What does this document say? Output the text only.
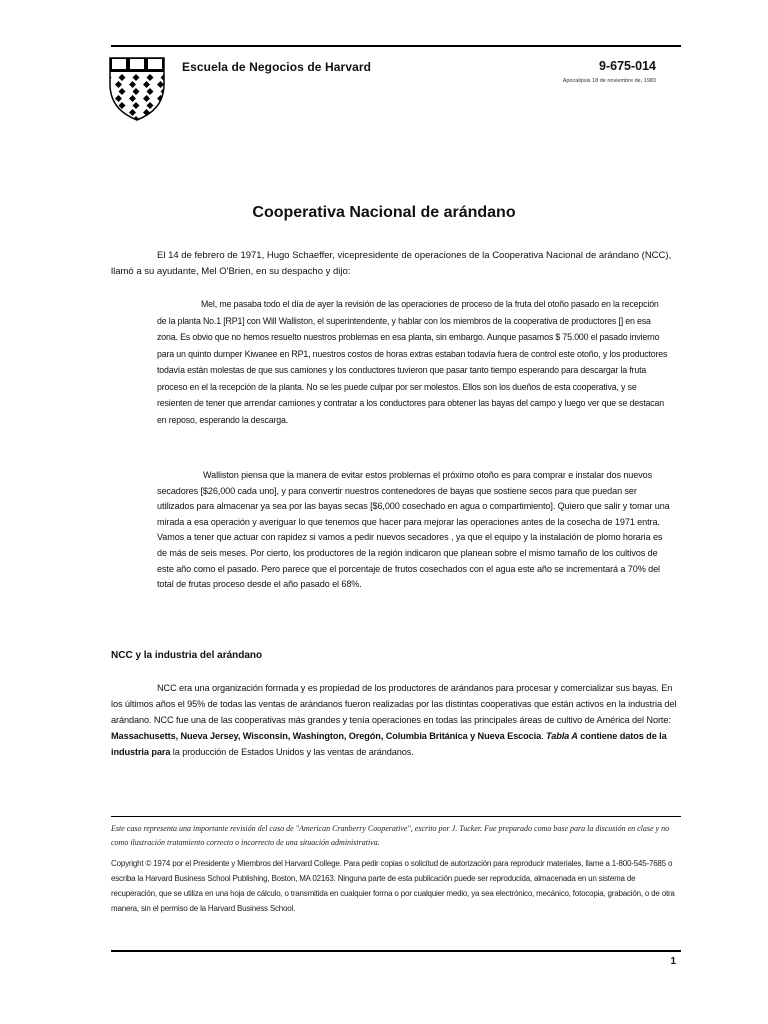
Escuela de Negocios de Harvard	9-675-014
Apocalipsis 18 de noviembre de, 1983
Cooperativa Nacional de arándano
El 14 de febrero de 1971, Hugo Schaeffer, vicepresidente de operaciones de la Cooperativa Nacional de arándano (NCC), llamó a su ayudante, Mel O'Brien, en su despacho y dijo:
Mel, me pasaba todo el día de ayer la revisión de las operaciones de proceso de la fruta del otoño pasado en la recepción de la planta No.1 [RP1] con Will Walliston, el superintendente, y hablar con los miembros de la cooperativa de productores [] en esa zona. Es obvio que no hemos resuelto nuestros problemas en esa planta, sin embargo. Aunque pasamos $ 75.000 el pasado invierno para un quinto dumper Kiwanee en RP1, nuestros costos de horas extras estaban todavía fuera de control este otoño, y los productores todavía están molestas de que sus camiones y los conductores tuvieron que pasar tanto tiempo esperando para descargar la fruta proceso en el la recepción de la planta. No se les puede culpar por ser molestos. Ellos son los dueños de esta cooperativa, y se resienten de tener que arrendar camiones y contratar a los conductores para obtener las bayas del campo y luego ver que se destacan en reposo, esperando la descarga.
Walliston piensa que la manera de evitar estos problemas el próximo otoño es para comprar e instalar dos nuevos secadores [$26,000 cada uno], y para convertir nuestros contenedores de bayas que sostiene secos para que puedan ser utilizados para almacenar ya sea por las bayas secas [$6,000 cosechado en agua o compartimiento]. Quiero que salir y tomar una mirada a esa operación y averiguar lo que tenemos que hacer para mejorar las operaciones antes de la cosecha de 1971 entra. Vamos a tener que actuar con rapidez si vamos a pedir nuevos secadores , ya que el equipo y la instalación de plomo horaria es de más de seis meses. Por cierto, los productores de la región indicaron que planean sobre el mismo tamaño de los cultivos de este año como el pasado. Pero parece que el porcentaje de frutos cosechados con el agua este año se incrementará a 70% del total de frutas proceso desde el año pasado el 68%.
NCC y la industria del arándano
NCC era una organización formada y es propiedad de los productores de arándanos para procesar y comercializar sus bayas. En los últimos años el 95% de todas las ventas de arándanos fueron realizadas por las distintas cooperativas que están activos en la industria del arándano. NCC fue una de las cooperativas más grandes y tenía operaciones en todas las principales áreas de cultivo de América del Norte: Massachusetts, Nueva Jersey, Wisconsin, Washington, Oregón, Columbia Británica y Nueva Escocia. Tabla A contiene datos de la industria para la producción de Estados Unidos y las ventas de arándanos.
Este caso representa una importante revisión del caso de "American Cranberry Cooperative", escrito por J. Tucker. Fue preparado como base para la discusión en clase y no como ilustración tratamiento correcto o incorrecto de una situación administrativa.
Copyright © 1974 por el Presidente y Miembros del Harvard College. Para pedir copias o solicitud de autorización para reproducir materiales, llame a 1-800-545-7685 o escriba la Harvard Business School Publishing, Boston, MA 02163. Ninguna parte de esta publicación puede ser reproducida, almacenada en un sistema de recuperación, que se utiliza en una hoja de cálculo, o transmitida en cualquier forma o por cualquier medio, ya sea electrónico, mecánico, fotocopia, grabación, o de otra manera, sin el permiso de la Harvard Business School.
1
